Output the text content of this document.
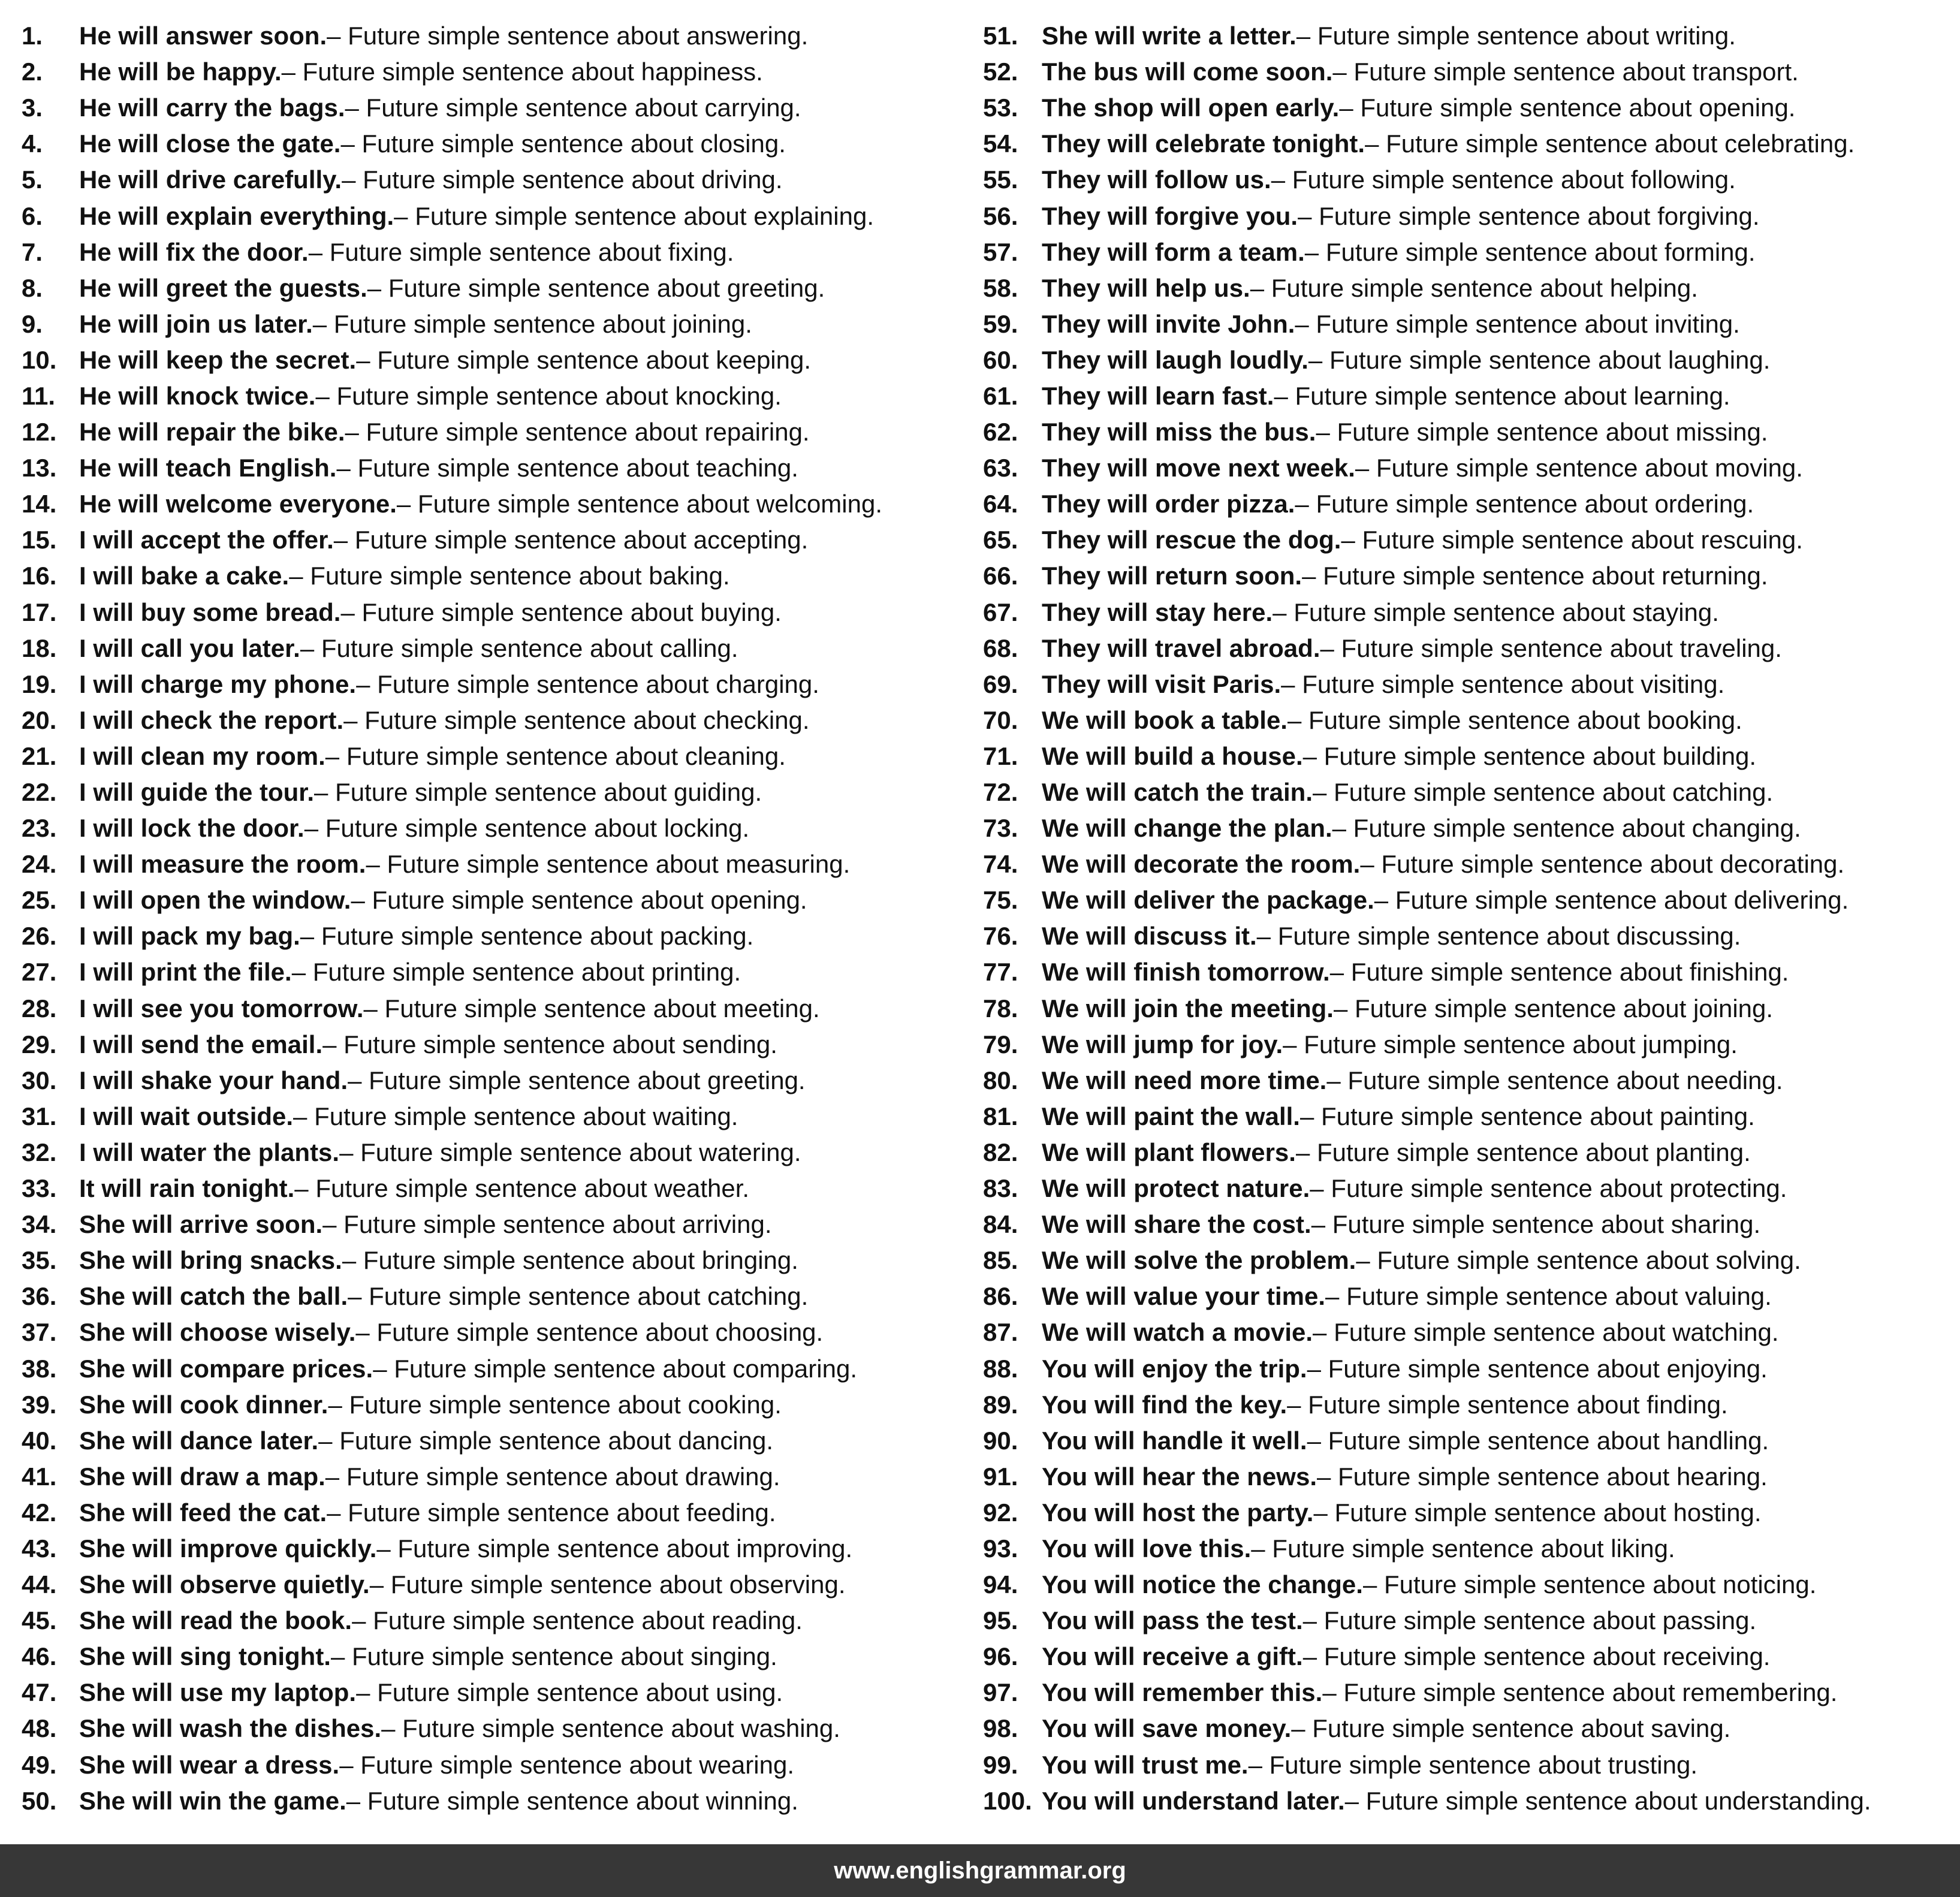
1.	He will answer soon. – Future simple sentence about answering.
2.	He will be happy. – Future simple sentence about happiness.
3.	He will carry the bags. – Future simple sentence about carrying.
4.	He will close the gate. – Future simple sentence about closing.
5.	He will drive carefully. – Future simple sentence about driving.
6.	He will explain everything. – Future simple sentence about explaining.
7.	He will fix the door. – Future simple sentence about fixing.
8.	He will greet the guests. – Future simple sentence about greeting.
9.	He will join us later. – Future simple sentence about joining.
10. He will keep the secret. – Future simple sentence about keeping.
11. He will knock twice. – Future simple sentence about knocking.
12. He will repair the bike. – Future simple sentence about repairing.
13. He will teach English. – Future simple sentence about teaching.
14. He will welcome everyone. – Future simple sentence about welcoming.
15. I will accept the offer. – Future simple sentence about accepting.
16. I will bake a cake. – Future simple sentence about baking.
17. I will buy some bread. – Future simple sentence about buying.
18. I will call you later. – Future simple sentence about calling.
19. I will charge my phone. – Future simple sentence about charging.
20. I will check the report. – Future simple sentence about checking.
21. I will clean my room. – Future simple sentence about cleaning.
22. I will guide the tour. – Future simple sentence about guiding.
23. I will lock the door. – Future simple sentence about locking.
24. I will measure the room. – Future simple sentence about measuring.
25. I will open the window. – Future simple sentence about opening.
26. I will pack my bag. – Future simple sentence about packing.
27. I will print the file. – Future simple sentence about printing.
28. I will see you tomorrow. – Future simple sentence about meeting.
29. I will send the email. – Future simple sentence about sending.
30. I will shake your hand. – Future simple sentence about greeting.
31. I will wait outside. – Future simple sentence about waiting.
32. I will water the plants. – Future simple sentence about watering.
33. It will rain tonight. – Future simple sentence about weather.
34. She will arrive soon. – Future simple sentence about arriving.
35. She will bring snacks. – Future simple sentence about bringing.
36. She will catch the ball. – Future simple sentence about catching.
37. She will choose wisely. – Future simple sentence about choosing.
38. She will compare prices. – Future simple sentence about comparing.
39. She will cook dinner. – Future simple sentence about cooking.
40. She will dance later. – Future simple sentence about dancing.
41. She will draw a map. – Future simple sentence about drawing.
42. She will feed the cat. – Future simple sentence about feeding.
43. She will improve quickly. – Future simple sentence about improving.
44. She will observe quietly. – Future simple sentence about observing.
45. She will read the book. – Future simple sentence about reading.
46. She will sing tonight. – Future simple sentence about singing.
47. She will use my laptop. – Future simple sentence about using.
48. She will wash the dishes. – Future simple sentence about washing.
49. She will wear a dress. – Future simple sentence about wearing.
50. She will win the game. – Future simple sentence about winning.
51. She will write a letter. – Future simple sentence about writing.
52. The bus will come soon. – Future simple sentence about transport.
53. The shop will open early. – Future simple sentence about opening.
54. They will celebrate tonight. – Future simple sentence about celebrating.
55. They will follow us. – Future simple sentence about following.
56. They will forgive you. – Future simple sentence about forgiving.
57. They will form a team. – Future simple sentence about forming.
58. They will help us. – Future simple sentence about helping.
59. They will invite John. – Future simple sentence about inviting.
60. They will laugh loudly. – Future simple sentence about laughing.
61. They will learn fast. – Future simple sentence about learning.
62. They will miss the bus. – Future simple sentence about missing.
63. They will move next week. – Future simple sentence about moving.
64. They will order pizza. – Future simple sentence about ordering.
65. They will rescue the dog. – Future simple sentence about rescuing.
66. They will return soon. – Future simple sentence about returning.
67. They will stay here. – Future simple sentence about staying.
68. They will travel abroad. – Future simple sentence about traveling.
69. They will visit Paris. – Future simple sentence about visiting.
70. We will book a table. – Future simple sentence about booking.
71. We will build a house. – Future simple sentence about building.
72. We will catch the train. – Future simple sentence about catching.
73. We will change the plan. – Future simple sentence about changing.
74. We will decorate the room. – Future simple sentence about decorating.
75. We will deliver the package. – Future simple sentence about delivering.
76. We will discuss it. – Future simple sentence about discussing.
77. We will finish tomorrow. – Future simple sentence about finishing.
78. We will join the meeting. – Future simple sentence about joining.
79. We will jump for joy. – Future simple sentence about jumping.
80. We will need more time. – Future simple sentence about needing.
81. We will paint the wall. – Future simple sentence about painting.
82. We will plant flowers. – Future simple sentence about planting.
83. We will protect nature. – Future simple sentence about protecting.
84. We will share the cost. – Future simple sentence about sharing.
85. We will solve the problem. – Future simple sentence about solving.
86. We will value your time. – Future simple sentence about valuing.
87. We will watch a movie. – Future simple sentence about watching.
88. You will enjoy the trip. – Future simple sentence about enjoying.
89. You will find the key. – Future simple sentence about finding.
90. You will handle it well. – Future simple sentence about handling.
91. You will hear the news. – Future simple sentence about hearing.
92. You will host the party. – Future simple sentence about hosting.
93. You will love this. – Future simple sentence about liking.
94. You will notice the change. – Future simple sentence about noticing.
95. You will pass the test. – Future simple sentence about passing.
96. You will receive a gift. – Future simple sentence about receiving.
97. You will remember this. – Future simple sentence about remembering.
98. You will save money. – Future simple sentence about saving.
99. You will trust me. – Future simple sentence about trusting.
100. You will understand later. – Future simple sentence about understanding.
www.englishgrammar.org
